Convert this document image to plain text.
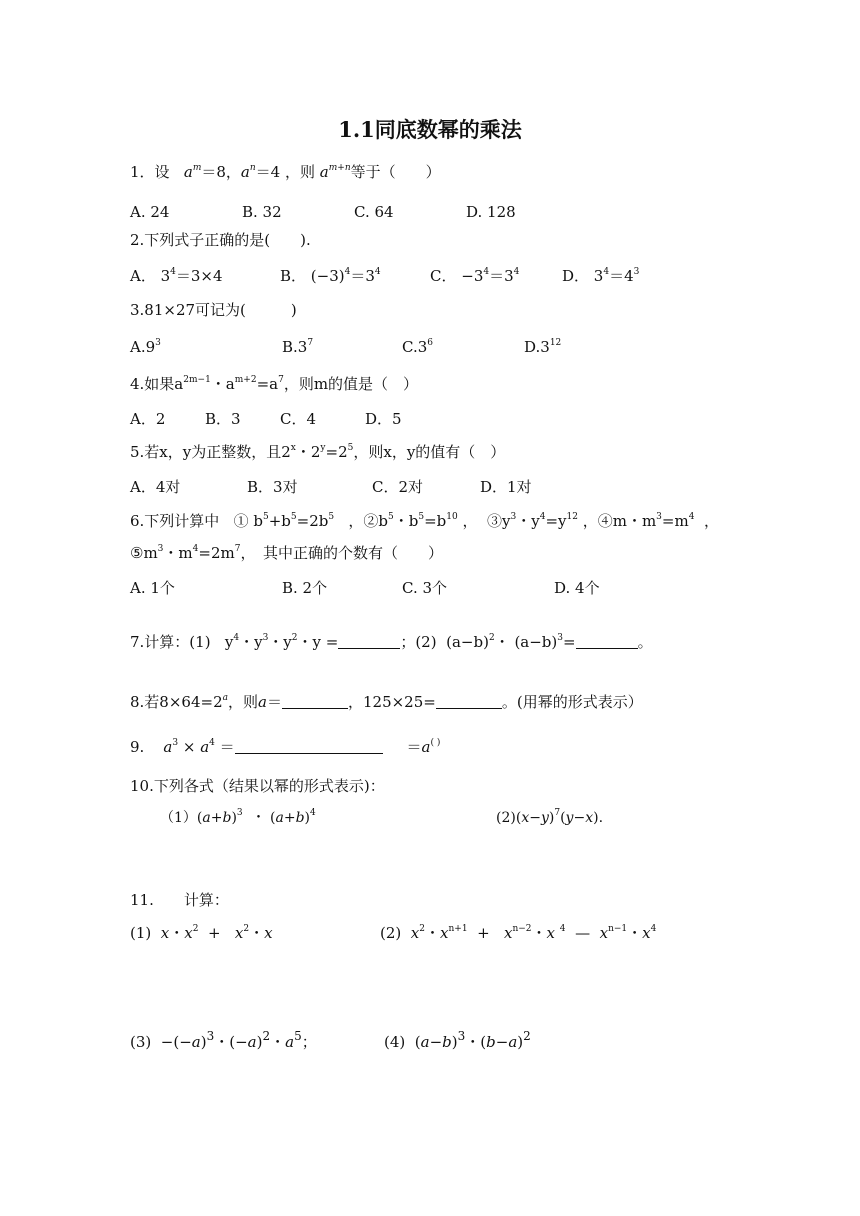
1.1同底数幂的乘法
1．设 $a^m=8$，$a^n=4$ ，则 $a^{m+n}$等于（　　）
A. 24	B. 32	C. 64	D. 128
2.下列式子正确的是(　　).
A． $3^4=3\times 4$	B． $(-3)^4=3^4$	C． $-3^4=3^4$	D． $3^4=4^3$
3.81×27可记为(　　　)
$A.9^3$	$B.3^7$	$C.3^6$	$D.3^{12}$
4.如果$a^{2m-1}$・$a^{m+2}=a^7$，则m的值是（　）
A．2	B．3	C．4	D．5
5.若x，y为正整数，且2$^x$・$2^y=2^5$，则x，y的值有（　）
A．4对	B．3对	C．2对	D．1对
6.下列计算中   ① $b^5+b^5=2b^5$   ，$②b^5$・$b^5=b^{10}$ ，  $③y^3$・$y^4=y^{12}$ ，④m・$m^3=m^4$  ，
$⑤m^3$・$m^4=2m^7$，　其中正确的个数有（　　）
A. 1个	B. 2个	C. 3个	D. 4个
7.计算：(1)   $y^4$・$y^3$・$y^2$・y =	；(2)  $(a-b)^2$・ $(a-b)^3=$	。
8.若$8\times 64=2^a$，则a＝	，125×25=	。(用幂的形式表示）
9. $a^3 \times a^4$ ＝	＝a( )
10.下列各式（结果以幂的形式表示)：
$(1)(a+b)^3$  ・ $(a+b)^4$	$(2)(x-y)^7(y-x)$.
11.　　计算：
(1) x・$x^2 + x^2$・x	(2) $x^2$・$x^{n+1} + x^{n-2}$・x $^4$  —  $x^{n-1}$・$x^4$
$(3) -(-a)^3$・$(-a)^2$・$a^5$；	(4)  $(a-b)^3$・$(b-a)^2$
